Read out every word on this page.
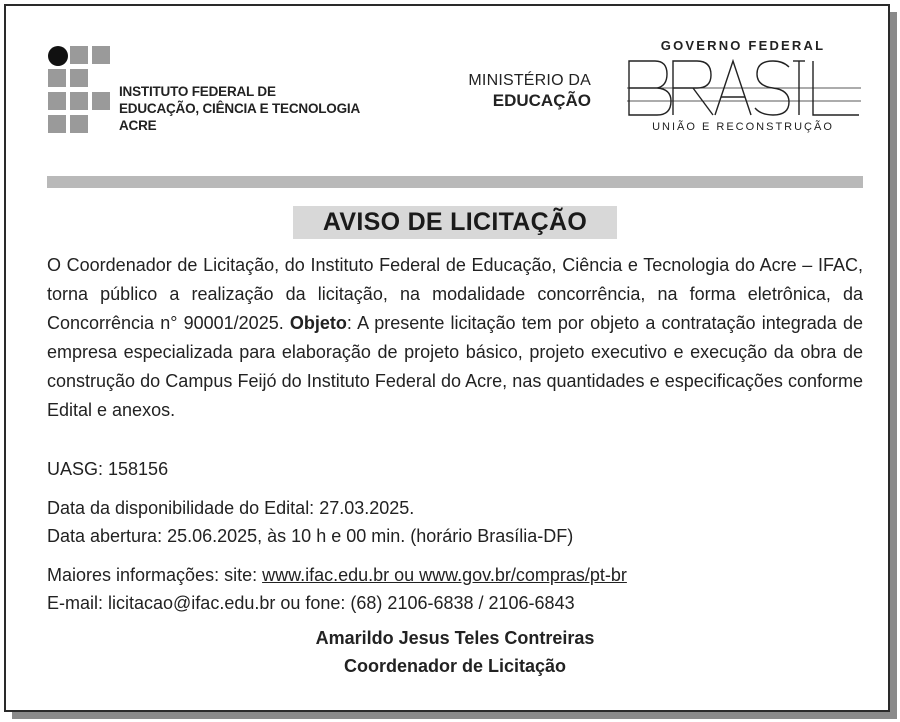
INSTITUTO FEDERAL DE
EDUCAÇÃO, CIÊNCIA E TECNOLOGIA
ACRE
MINISTÉRIO DA
EDUCAÇÃO
GOVERNO FEDERAL
UNIÃO E RECONSTRUÇÃO
AVISO DE LICITAÇÃO

O Coordenador de Licitação, do Instituto Federal de Educação, Ciência e Tecnologia do Acre – IFAC, torna público a realização da licitação, na modalidade concorrência, na forma eletrônica, da Concorrência n° 90001/2025. Objeto: A presente licitação tem por objeto a contratação integrada de empresa especializada para elaboração de projeto básico, projeto executivo e execução da obra de construção do Campus Feijó do Instituto Federal do Acre, nas quantidades e especificações conforme Edital e anexos.

UASG: 158156
Data da disponibilidade do Edital: 27.03.2025.
Data abertura: 25.06.2025, às 10 h e 00 min. (horário Brasília-DF)
Maiores informações: site: www.ifac.edu.br ou www.gov.br/compras/pt-br
E-mail: licitacao@ifac.edu.br ou fone: (68) 2106-6838 / 2106-6843
Amarildo Jesus Teles Contreiras
Coordenador de Licitação
